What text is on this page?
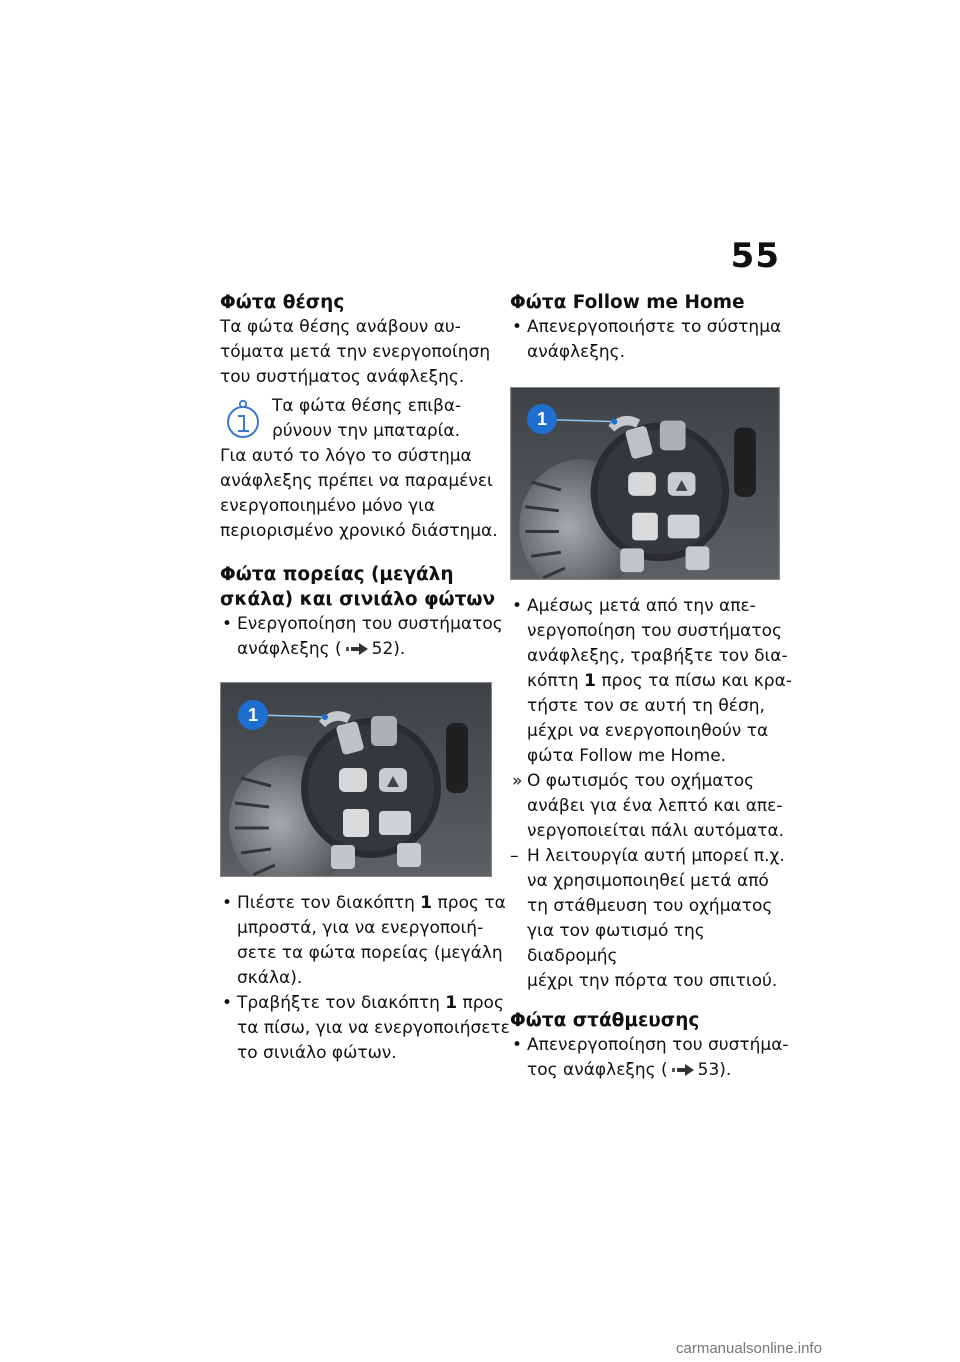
55
Φώτα θέσης

Τα φώτα θέσης ανάβουν αυ-

τόματα μετά την ενεργοποίηση

του συστήματος ανάφλεξης.

Τα φώτα θέσης επιβα-

ρύνουν την μπαταρία.

Για αυτό το λόγο το σύστημα

ανάφλεξης πρέπει να παραμένει

ενεργοποιημένο μόνο για

περιορισμένο χρονικό διάστημα.

Φώτα πορείας (μεγάλη
σκάλα) και σινιάλο φώτων
• Ενεργοποίηση του συστήματος
ανάφλεξης ( 52).
1
• Πιέστε τον διακόπτη 1 προς τα
μπροστά, για να ενεργοποιή-
σετε τα φώτα πορείας (μεγάλη
σκάλα).
• Τραβήξτε τον διακόπτη 1 προς
τα πίσω, για να ενεργοποιήσετε
το σινιάλο φώτων.
Φώτα Follow me Home
• Απενεργοποιήστε το σύστημα
ανάφλεξης.
1
• Αμέσως μετά από την απε-
νεργοποίηση του συστήματος
ανάφλεξης, τραβήξτε τον δια-
κόπτη 1 προς τα πίσω και κρα-
τήστε τον σε αυτή τη θέση,
μέχρι να ενεργοποιηθούν τα
φώτα Follow me Home.
» Ο φωτισμός του οχήματος
ανάβει για ένα λεπτό και απε-
νεργοποιείται πάλι αυτόματα.
– Η λειτουργία αυτή μπορεί π.χ.
να χρησιμοποιηθεί μετά από
τη στάθμευση του οχήματος
για τον φωτισμό της διαδρομής
μέχρι την πόρτα του σπιτιού.
Φώτα στάθμευσης
• Απενεργοποίηση του συστήμα-
τος ανάφλεξης ( 53).
carmanualsonline.info
